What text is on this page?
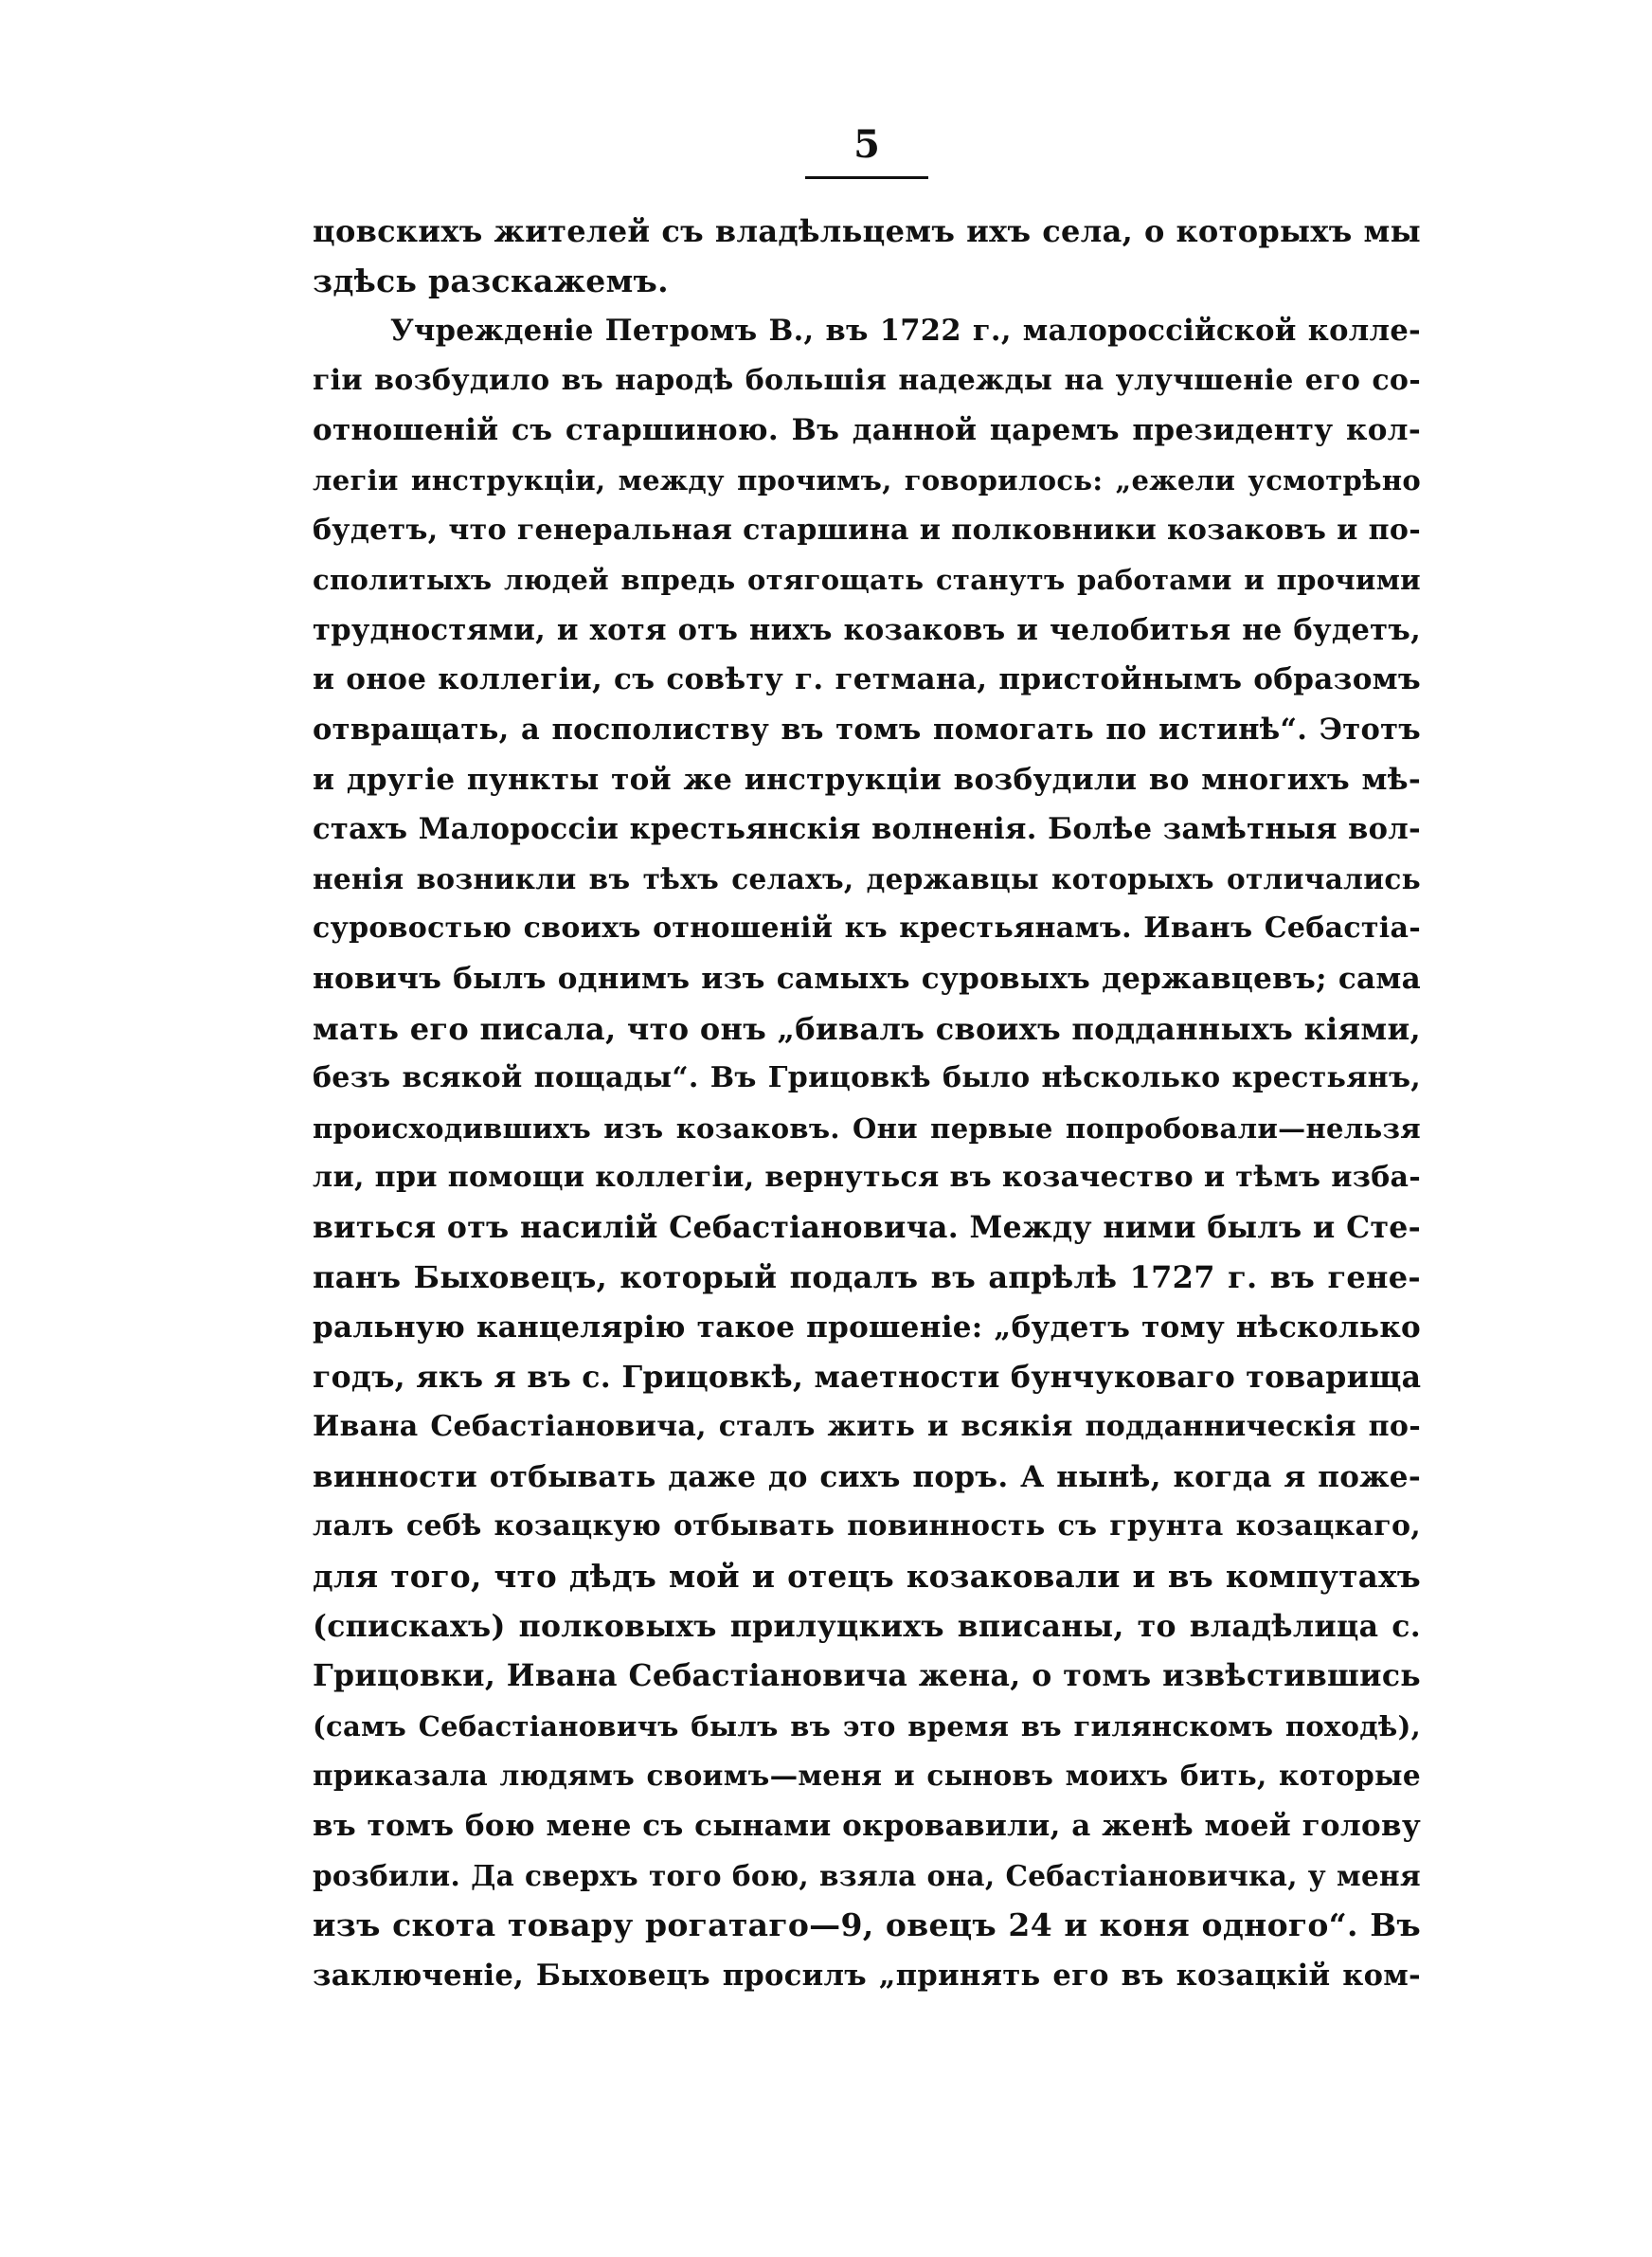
5
цовскихъ жителей съ владѣльцемъ ихъ села, о которыхъ мы
здѣсь разскажемъ.
Учрежденіе Петромъ В., въ 1722 г., малороссійской колле-
гіи возбудило въ народѣ большія надежды на улучшеніе его со-
отношеній съ старшиною. Въ данной царемъ президенту кол-
легіи инструкціи, между прочимъ, говорилось: „ежели усмотрѣно
будетъ, что генеральная старшина и полковники козаковъ и по-
сполитыхъ людей впредь отягощать станутъ работами и прочими
трудностями, и хотя отъ нихъ козаковъ и челобитья не будетъ,
и оное коллегіи, съ совѣту г. гетмана, пристойнымъ образомъ
отвращать, а посполиству въ томъ помогать по истинѣ“. Этотъ
и другіе пункты той же инструкціи возбудили во многихъ мѣ-
стахъ Малороссіи крестьянскія волненія. Болѣе замѣтныя вол-
ненія возникли въ тѣхъ селахъ, державцы которыхъ отличались
суровостью своихъ отношеній къ крестьянамъ. Иванъ Себастіа-
новичъ былъ однимъ изъ самыхъ суровыхъ державцевъ; сама
мать его писала, что онъ „бивалъ своихъ подданныхъ кіями,
безъ всякой пощады“. Въ Грицовкѣ было нѣсколько крестьянъ,
происходившихъ изъ козаковъ. Они первые попробовали—нельзя
ли, при помощи коллегіи, вернуться въ козачество и тѣмъ изба-
виться отъ насилій Себастіановича. Между ними былъ и Сте-
панъ Быховецъ, который подалъ въ апрѣлѣ 1727 г. въ гене-
ральную канцелярію такое прошеніе: „будетъ тому нѣсколько
годъ, якъ я въ с. Грицовкѣ, маетности бунчуковаго товарища
Ивана Себастіановича, сталъ жить и всякія подданническія по-
винности отбывать даже до сихъ поръ. А нынѣ, когда я поже-
лалъ себѣ козацкую отбывать повинность съ грунта козацкаго,
для того, что дѣдъ мой и отецъ козаковали и въ компутахъ
(спискахъ) полковыхъ прилуцкихъ вписаны, то владѣлица с.
Грицовки, Ивана Себастіановича жена, о томъ извѣстившись
(самъ Себастіановичъ былъ въ это время въ гилянскомъ походѣ),
приказала людямъ своимъ—меня и сыновъ моихъ бить, которые
въ томъ бою мене съ сынами окровавили, а женѣ моей голову
розбили. Да сверхъ того бою, взяла она, Себастіановичка, у меня
изъ скота товару рогатаго—9, овецъ 24 и коня одного“. Въ
заключеніе, Быховецъ просилъ „принять его въ козацкій ком-
